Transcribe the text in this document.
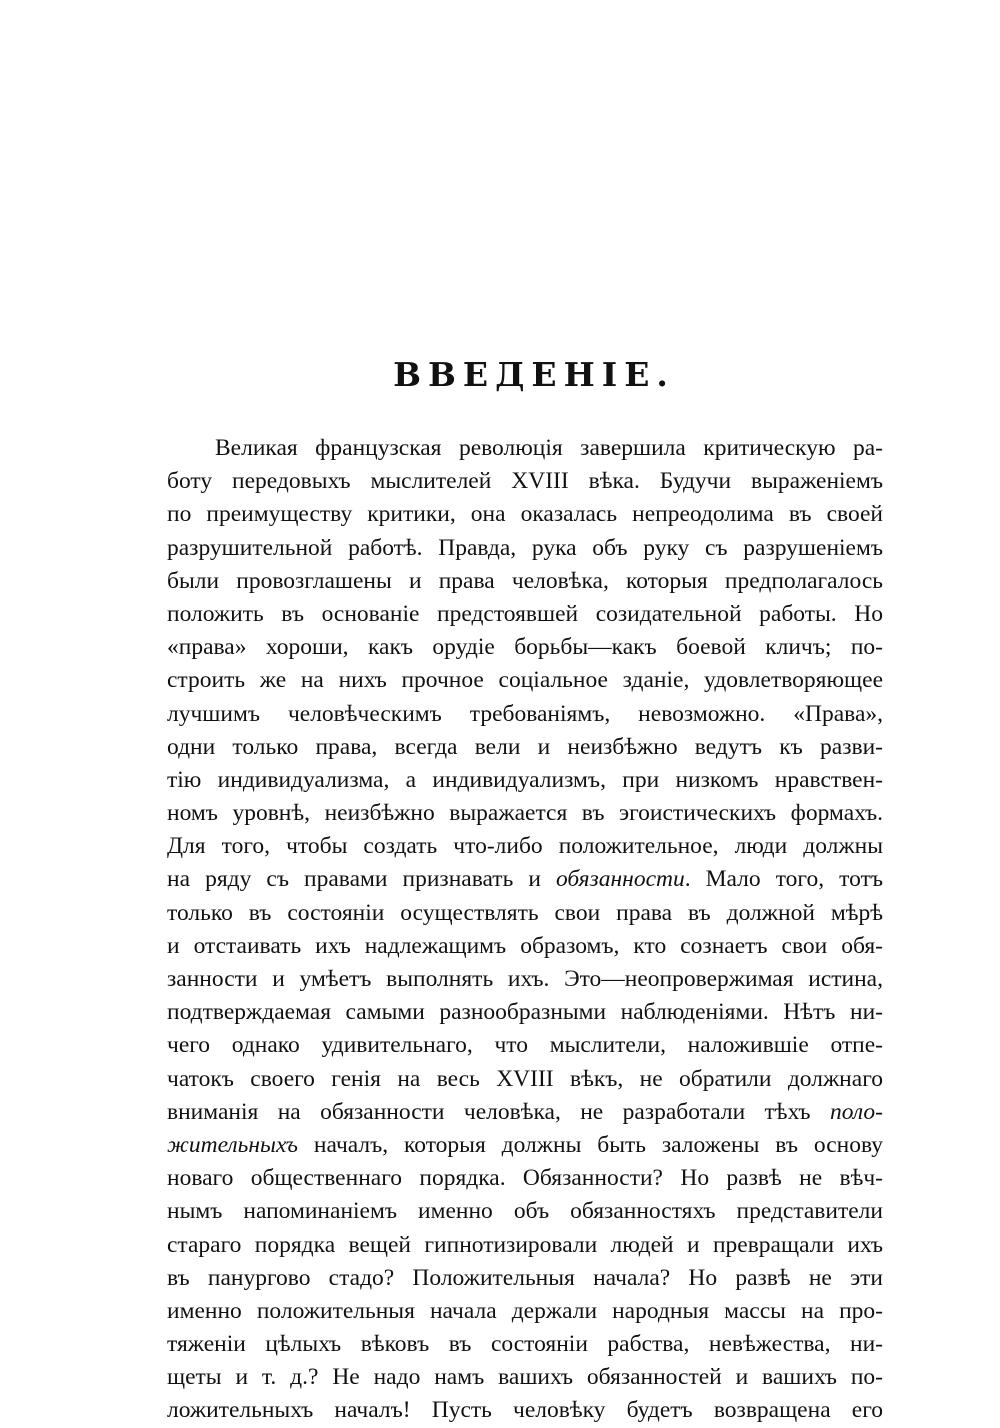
ВВЕДЕНІЕ.
Великая французская революція завершила критическую ра-
боту передовыхъ мыслителей XVIII вѣка. Будучи выраженіемъ
по преимуществу критики, она оказалась непреодолима въ своей
разрушительной работѣ. Правда, рука объ руку съ разрушеніемъ
были провозглашены и права человѣка, которыя предполагалось
положить въ основаніе предстоявшей созидательной работы. Но
«права» хороши, какъ орудіе борьбы—какъ боевой кличъ; по-
строить же на нихъ прочное соціальное зданіе, удовлетворяющее
лучшимъ человѣческимъ требованіямъ, невозможно. «Права»,
одни только права, всегда вели и неизбѣжно ведутъ къ разви-
тію индивидуализма, а индивидуализмъ, при низкомъ нравствен-
номъ уровнѣ, неизбѣжно выражается въ эгоистическихъ формахъ.
Для того, чтобы создать что-либо положительное, люди должны
на ряду съ правами признавать и обязанности. Мало того, тотъ
только въ состояніи осуществлять свои права въ должной мѣрѣ
и отстаивать ихъ надлежащимъ образомъ, кто сознаетъ свои обя-
занности и умѣетъ выполнять ихъ. Это—неопровержимая истина,
подтверждаемая самыми разнообразными наблюденіями. Нѣтъ ни-
чего однако удивительнаго, что мыслители, наложившіе отпе-
чатокъ своего генія на весь XVIII вѣкъ, не обратили должнаго
вниманія на обязанности человѣка, не разработали тѣхъ поло-
жительныхъ началъ, которыя должны быть заложены въ основу
новаго общественнаго порядка. Обязанности? Но развѣ не вѣч-
нымъ напоминаніемъ именно объ обязанностяхъ представители
стараго порядка вещей гипнотизировали людей и превращали ихъ
въ панургово стадо? Положительныя начала? Но развѣ не эти
именно положительныя начала держали народныя массы на про-
тяженіи цѣлыхъ вѣковъ въ состояніи рабства, невѣжества, ни-
щеты и т. д.? Не надо намъ вашихъ обязанностей и вашихъ по-
ложительныхъ началъ! Пусть человѣку будетъ возвращена его
